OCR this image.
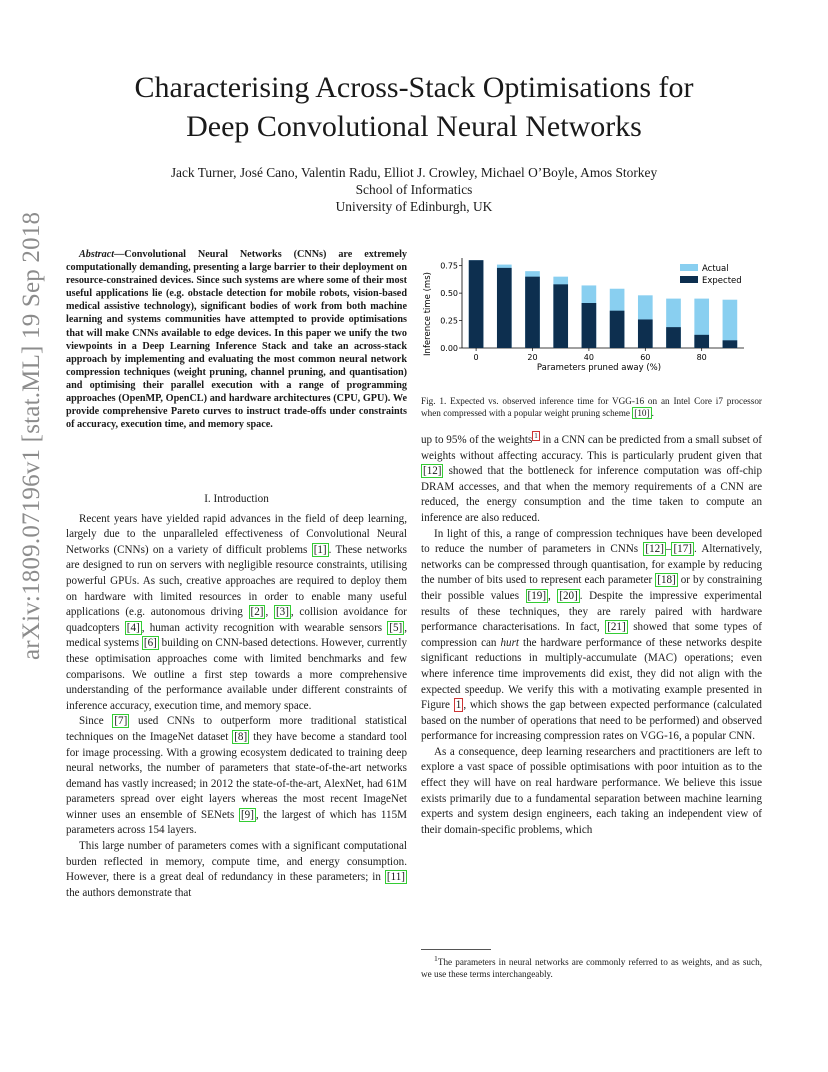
arXiv:1809.07196v1 [stat.ML] 19 Sep 2018
Characterising Across-Stack Optimisations for
Deep Convolutional Neural Networks
Jack Turner, José Cano, Valentin Radu, Elliot J. Crowley, Michael O’Boyle, Amos Storkey
School of Informatics
University of Edinburgh, UK

Abstract—Convolutional Neural Networks (CNNs) are extremely computationally demanding, presenting a large barrier to their deployment on resource-constrained devices. Since such systems are where some of their most useful applications lie (e.g. obstacle detection for mobile robots, vision-based medical assistive technology), significant bodies of work from both machine learning and systems communities have attempted to provide optimisations that will make CNNs available to edge devices. In this paper we unify the two viewpoints in a Deep Learning Inference Stack and take an across-stack approach by implementing and evaluating the most common neural network compression techniques (weight pruning, channel pruning, and quantisation) and optimising their parallel execution with a range of programming approaches (OpenMP, OpenCL) and hardware architectures (CPU, GPU). We provide comprehensive Pareto curves to instruct trade-offs under constraints of accuracy, execution time, and memory space.

I. Introduction

Recent years have yielded rapid advances in the field of deep learning, largely due to the unparalleled effectiveness of Convolutional Neural Networks (CNNs) on a variety of difficult problems [1] . These networks are designed to run on servers with negligible resource constraints, utilising powerful GPUs. As such, creative approaches are required to deploy them on hardware with limited resources in order to enable many useful applications (e.g. autonomous driving [2] , [3] , collision avoidance for quadcopters [4] , human activity recognition with wearable sensors [5] , medical systems [6] building on CNN-based detections. However, currently these optimisation approaches come with limited benchmarks and few comparisons. We outline a first step towards a more comprehensive understanding of the performance available under different constraints of inference accuracy, execution time, and memory space.

Since [7] used CNNs to outperform more traditional statistical techniques on the ImageNet dataset [8] they have become a standard tool for image processing. With a growing ecosystem dedicated to training deep neural networks, the number of parameters that state-of-the-art networks demand has vastly increased; in 2012 the state-of-the-art, AlexNet, had 61M parameters spread over eight layers whereas the most recent ImageNet winner uses an ensemble of SENets [9] , the largest of which has 115M parameters across 154 layers.

This large number of parameters comes with a significant computational burden reflected in memory, compute time, and energy consumption. However, there is a great deal of redundancy in these parameters; in [11] the authors demonstrate that

0.00
0.25
0.50
0.75
0	20	40	60	80
Actual
Expected
Inference time (ms)
Parameters pruned away (%)

Fig. 1. Expected vs. observed inference time for VGG-16 on an Intel Core i7 processor when compressed with a popular weight pruning scheme [10] .

up to 95% of the weights $^1$ in a CNN can be predicted from a small subset of weights without affecting accuracy. This is particularly prudent given that [12] showed that the bottleneck for inference computation was off-chip DRAM accesses, and that when the memory requirements of a CNN are reduced, the energy consumption and the time taken to compute an inference are also reduced.

In light of this, a range of compression techniques have been developed to reduce the number of parameters in CNNs [12] – [17] . Alternatively, networks can be compressed through quantisation, for example by reducing the number of bits used to represent each parameter [18] or by constraining their possible values [19] , [20] . Despite the impressive experimental results of these techniques, they are rarely paired with hardware performance characterisations. In fact, [21] showed that some types of compression can hurt the hardware performance of these networks despite significant reductions in multiply-accumulate (MAC) operations; even where inference time improvements did exist, they did not align with the expected speedup. We verify this with a motivating example presented in Figure 1 , which shows the gap between expected performance (calculated based on the number of operations that need to be performed) and observed performance for increasing compression rates on VGG-16, a popular CNN.

As a consequence, deep learning researchers and practitioners are left to explore a vast space of possible optimisations with poor intuition as to the effect they will have on real hardware performance. We believe this issue exists primarily due to a fundamental separation between machine learning experts and system design engineers, each taking an independent view of their domain-specific problems, which

$^1$The parameters in neural networks are commonly referred to as weights, and as such, we use these terms interchangeably.
